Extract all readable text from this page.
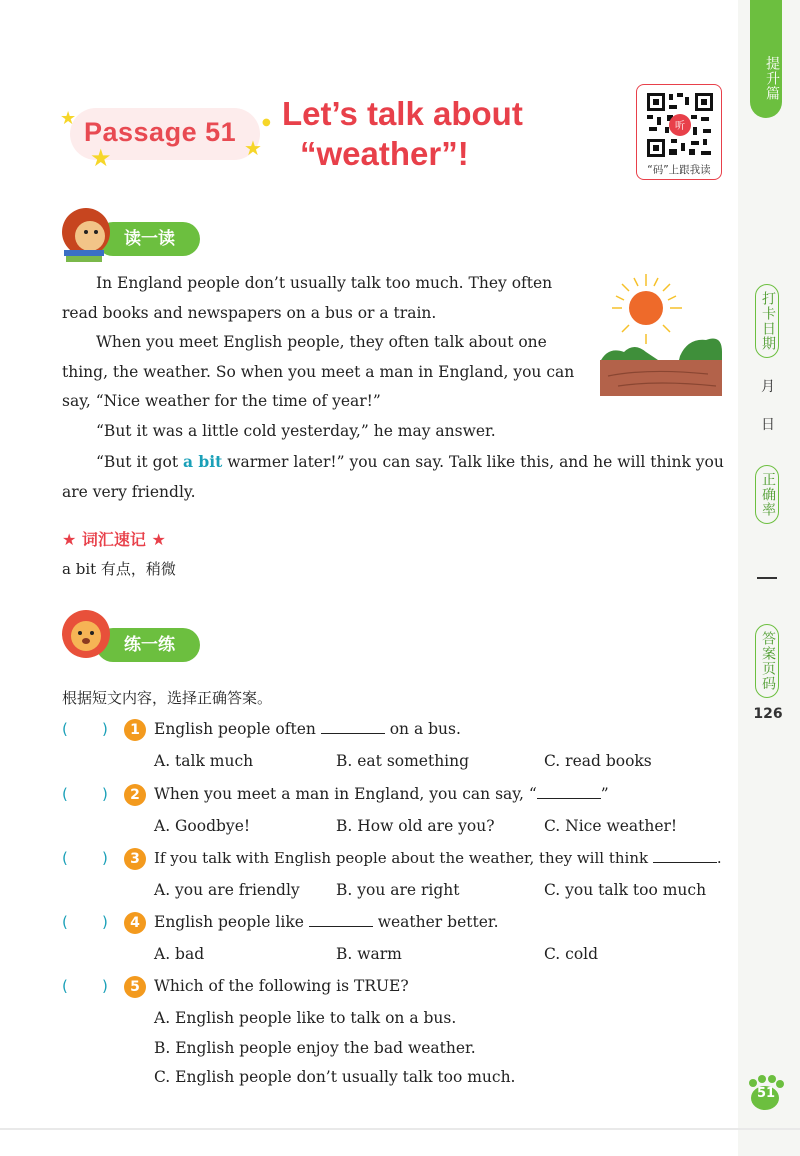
提升篇
打卡日期
月
日
正确率
答案页码
126
Passage 51
★
★	★
● Let’s talk about
“weather”!
听
“码”上跟我读
读一读
In England people don’t usually talk too much. They often read books and newspapers on a bus or a train.
When you meet English people, they often talk about one thing, the weather. So when you meet a man in England, you can say, “Nice weather for the time of year!”
“But it was a little cold yesterday,” he may answer.
“But it got a bit warmer later!” you can say. Talk like this, and he will think you are very friendly.
★ 词汇速记 ★
a bit 有点，稍微
练一练
根据短文内容，选择正确答案。
( )	1 English people often	on a bus.
A. talk much	B. eat something	C. read books
( )	2 When you meet a man in England, you can say, “	”
A. Goodbye!	B. How old are you?	C. Nice weather!
( )	3 If you talk with English people about the weather, they will think	.
A. you are friendly B. you are right	C. you talk too much
( )	4 English people like	weather better.
A. bad	B. warm	C. cold
( )	5 Which of the following is TRUE?
A. English people like to talk on a bus.
B. English people enjoy the bad weather.
C. English people don’t usually talk too much.
51
